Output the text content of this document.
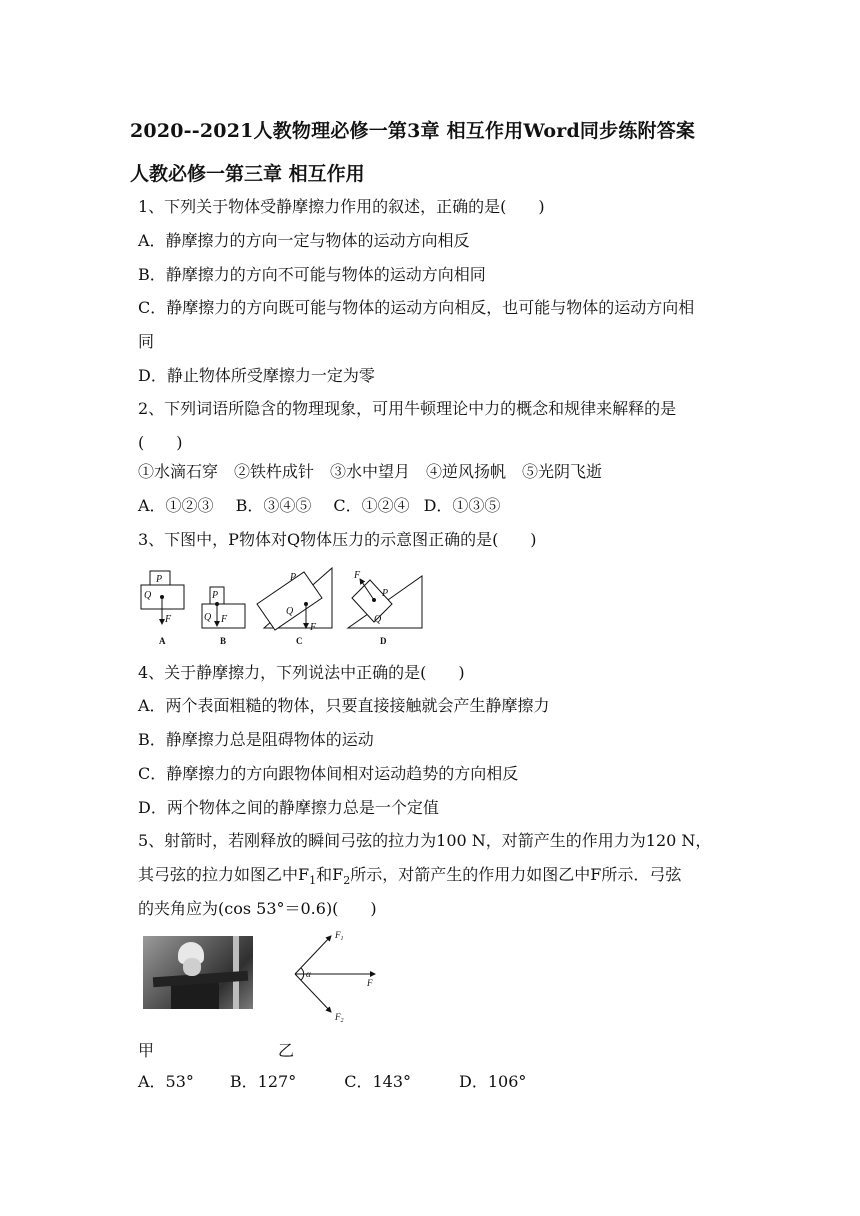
2020--2021人教物理必修一第3章 相互作用Word同步练附答案
人教必修一第三章 相互作用
1、下列关于物体受静摩擦力作用的叙述，正确的是(　　)
A．静摩擦力的方向一定与物体的运动方向相反
B．静摩擦力的方向不可能与物体的运动方向相同
C．静摩擦力的方向既可能与物体的运动方向相反，也可能与物体的运动方向相
同
D．静止物体所受摩擦力一定为零
2、下列词语所隐含的物理现象，可用牛顿理论中力的概念和规律来解释的是
(　　)
①水滴石穿　②铁杵成针　③水中望月　④逆风扬帆　⑤光阴飞逝
A．①②③ B．③④⑤ C．①②④ D．①③⑤
3、下图中，P物体对Q物体压力的示意图正确的是(　　)
P
Q
F
A
P
Q F
B
P
Q
F
C
F
P
Q
D
4、关于静摩擦力，下列说法中正确的是(　　)
A．两个表面粗糙的物体，只要直接接触就会产生静摩擦力
B．静摩擦力总是阻碍物体的运动
C．静摩擦力的方向跟物体间相对运动趋势的方向相反
D．两个物体之间的静摩擦力总是一个定值
5、射箭时，若刚释放的瞬间弓弦的拉力为100 N，对箭产生的作用力为120 N，
其弓弦的拉力如图乙中$F_1$和$F_2$所示，对箭产生的作用力如图乙中F所示．弓弦
的夹角应为(cos 53°＝0.6)(　　)
$F_1$
$F_2$
F
α
甲	乙
A．53° B．127°	C．143°	D．106°
